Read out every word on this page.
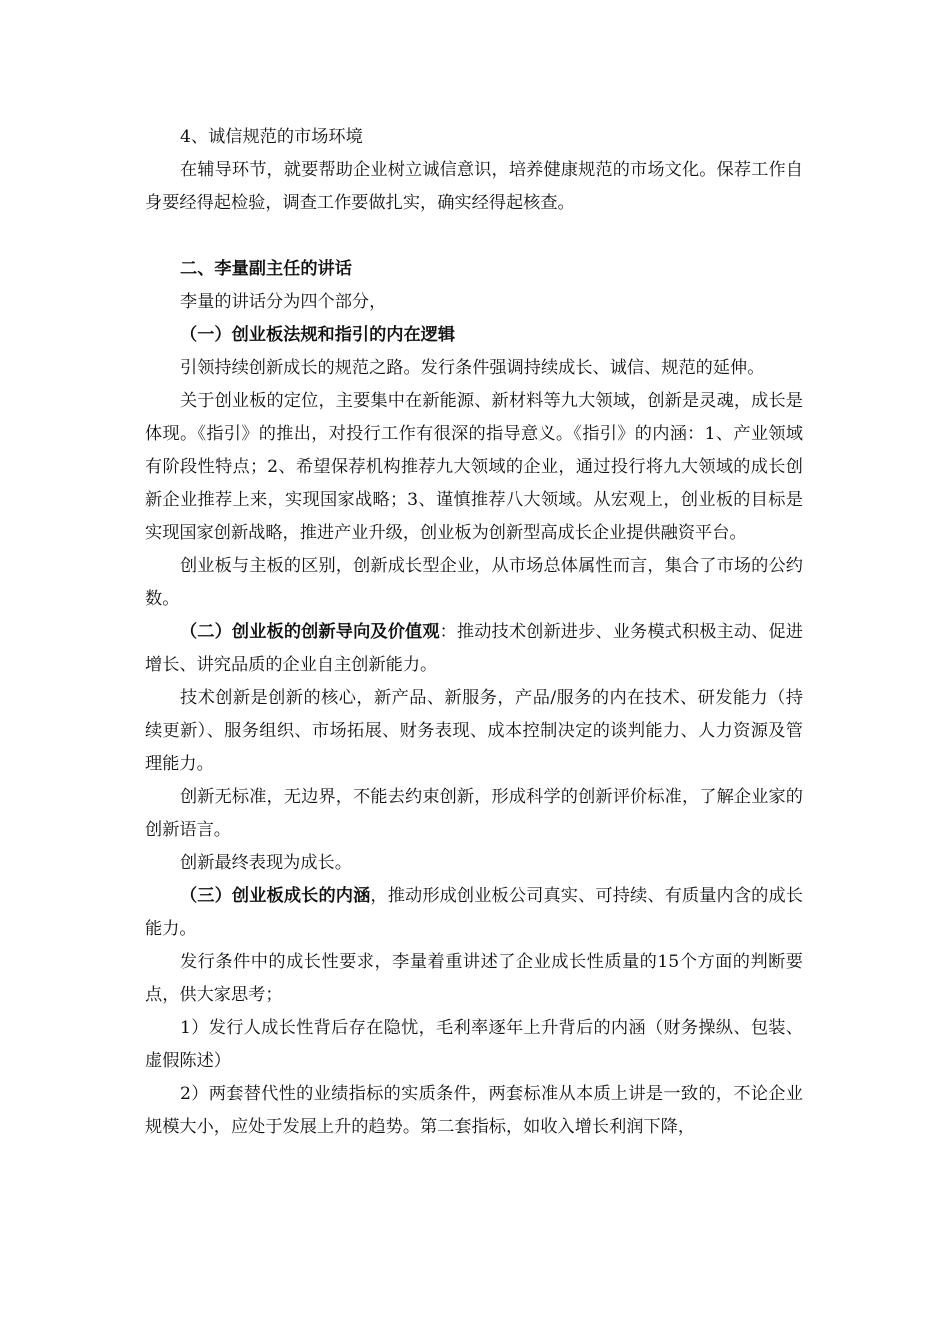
4、诚信规范的市场环境

在辅导环节，就要帮助企业树立诚信意识，培养健康规范的市场文化。保荐工作自身要经得起检验，调查工作要做扎实，确实经得起核查。

二、李量副主任的讲话

李量的讲话分为四个部分，

（一）创业板法规和指引的内在逻辑

引领持续创新成长的规范之路。发行条件强调持续成长、诚信、规范的延伸。

关于创业板的定位，主要集中在新能源、新材料等九大领域，创新是灵魂，成长是体现。《指引》的推出，对投行工作有很深的指导意义。《指引》的内涵：1、产业领域有阶段性特点；2、希望保荐机构推荐九大领域的企业，通过投行将九大领域的成长创新企业推荐上来，实现国家战略；3、谨慎推荐八大领域。从宏观上，创业板的目标是实现国家创新战略，推进产业升级，创业板为创新型高成长企业提供融资平台。

创业板与主板的区别，创新成长型企业，从市场总体属性而言，集合了市场的公约数。

（二）创业板的创新导向及价值观：推动技术创新进步、业务模式积极主动、促进增长、讲究品质的企业自主创新能力。

技术创新是创新的核心，新产品、新服务，产品/服务的内在技术、研发能力（持续更新）、服务组织、市场拓展、财务表现、成本控制决定的谈判能力、人力资源及管理能力。

创新无标准，无边界，不能去约束创新，形成科学的创新评价标准，了解企业家的创新语言。

创新最终表现为成长。

（三）创业板成长的内涵，推动形成创业板公司真实、可持续、有质量内含的成长能力。

发行条件中的成长性要求，李量着重讲述了企业成长性质量的15个方面的判断要点，供大家思考；

1）发行人成长性背后存在隐忧，毛利率逐年上升背后的内涵（财务操纵、包装、虚假陈述）

2）两套替代性的业绩指标的实质条件，两套标准从本质上讲是一致的，不论企业规模大小，应处于发展上升的趋势。第二套指标，如收入增长利润下降，
